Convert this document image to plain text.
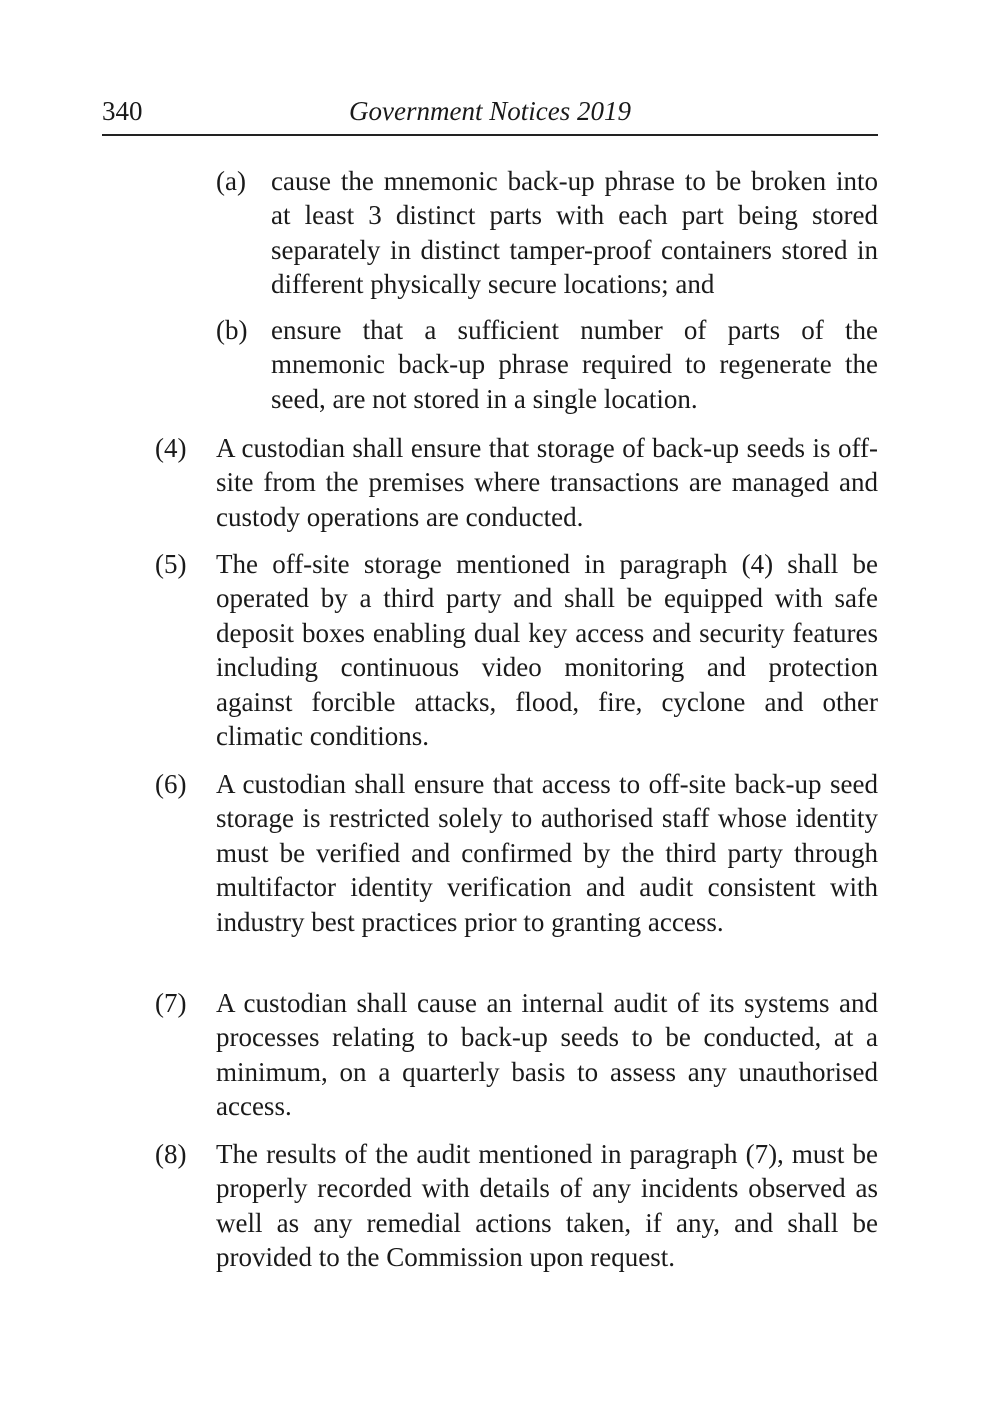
340	Government Notices 2019
(a) cause the mnemonic back-up phrase to be broken into at least 3 distinct parts with each part being stored separately in distinct tamper-proof containers stored in different physically secure locations; and
(b) ensure that a sufficient number of parts of the mnemonic back-up phrase required to regenerate the seed, are not stored in a single location.
(4) A custodian shall ensure that storage of back-up seeds is off-site from the premises where transactions are managed and custody operations are conducted.
(5) The off-site storage mentioned in paragraph (4) shall be operated by a third party and shall be equipped with safe deposit boxes enabling dual key access and security features including continuous video monitoring and protection against forcible attacks, flood, fire, cyclone and other climatic conditions.
(6) A custodian shall ensure that access to off-site back-up seed storage is restricted solely to authorised staff whose identity must be verified and confirmed by the third party through multifactor identity verification and audit consistent with industry best practices prior to granting access.
(7) A custodian shall cause an internal audit of its systems and processes relating to back-up seeds to be conducted, at a minimum, on a quarterly basis to assess any unauthorised access.
(8) The results of the audit mentioned in paragraph (7), must be properly recorded with details of any incidents observed as well as any remedial actions taken, if any, and shall be provided to the Commission upon request.
